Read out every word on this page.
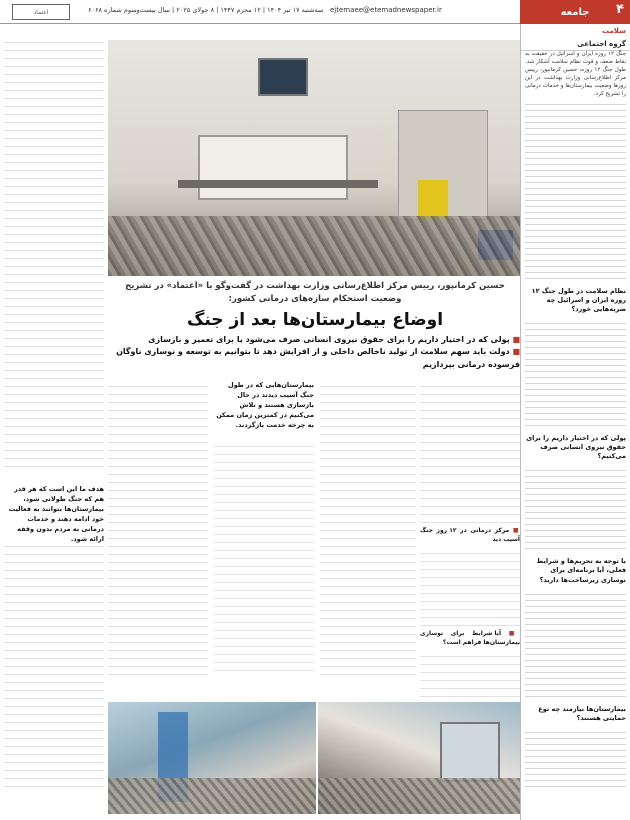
جامعه ۴
ejtemaee@etemadnewspaper.ir
سه‌شنبه ۱۷ تیر ۱۴۰۴ | ۱۲ محرم ۱۴۴۷ | ۸ جولای ۲۰۲۵ | سال بیست‌وسوم شماره ۶۰۶۸
اعتماد
سلامت
گروه اجتماعی
جنگ ۱۲ روزه ایران و اسرائیل در حقیقت به نقاط ضعف و قوت نظام سلامت آشکار شد. طول جنگ ۱۲ روزه، حسین کرمانپور، رییس مرکز اطلاع‌رسانی وزارت بهداشت در این روزها وضعیت بیمارستان‌ها و خدمات درمانی را تشریح کرد.
نظام سلامت در طول جنگ ۱۲ روزه ایران و اسرائیل چه ضربه‌هایی خورد؟
پولی که در اختیار داریم را برای حقوق نیروی انسانی صرف می‌کنیم؟
با توجه به تحریم‌ها و شرایط فعلی، آیا برنامه‌ای برای نوسازی زیرساخت‌ها دارید؟
بیمارستان‌ها نیازمند چه نوع حمایتی هستند؟
حسین کرمانپور، رییس مرکز اطلاع‌رسانی وزارت بهداشت در گفت‌وگو با «اعتماد» در تشریح وضعیت استحکام سازه‌های درمانی کشور:
اوضاع بیمارستان‌ها بعد از جنگ
■ پولی که در اختیار داریم را برای حقوق نیروی انسانی صرف می‌شود یا برای تعمیر و بازسازی
■ دولت باید سهم سلامت از تولید ناخالص داخلی و از افزایش دهد تا بتوانیم به توسعه و نوسازی ناوگان فرسوده درمانی بپردازیم
هدف ما این است که هر قدر هم که جنگ طولانی شود، بیمارستان‌ها بتوانند به فعالیت خود ادامه دهند و خدمات درمانی به مردم بدون وقفه ارائه شود.
بیمارستان‌هایی که در طول جنگ آسیب دیدند در حال بازسازی هستند و تلاش می‌کنیم در کمترین زمان ممکن به چرخه خدمت بازگردند.
■ مرکز درمانی در ۱۲ روز جنگ آسیب دید
■ آیا شرایط برای نوسازی بیمارستان‌ها فراهم است؟
